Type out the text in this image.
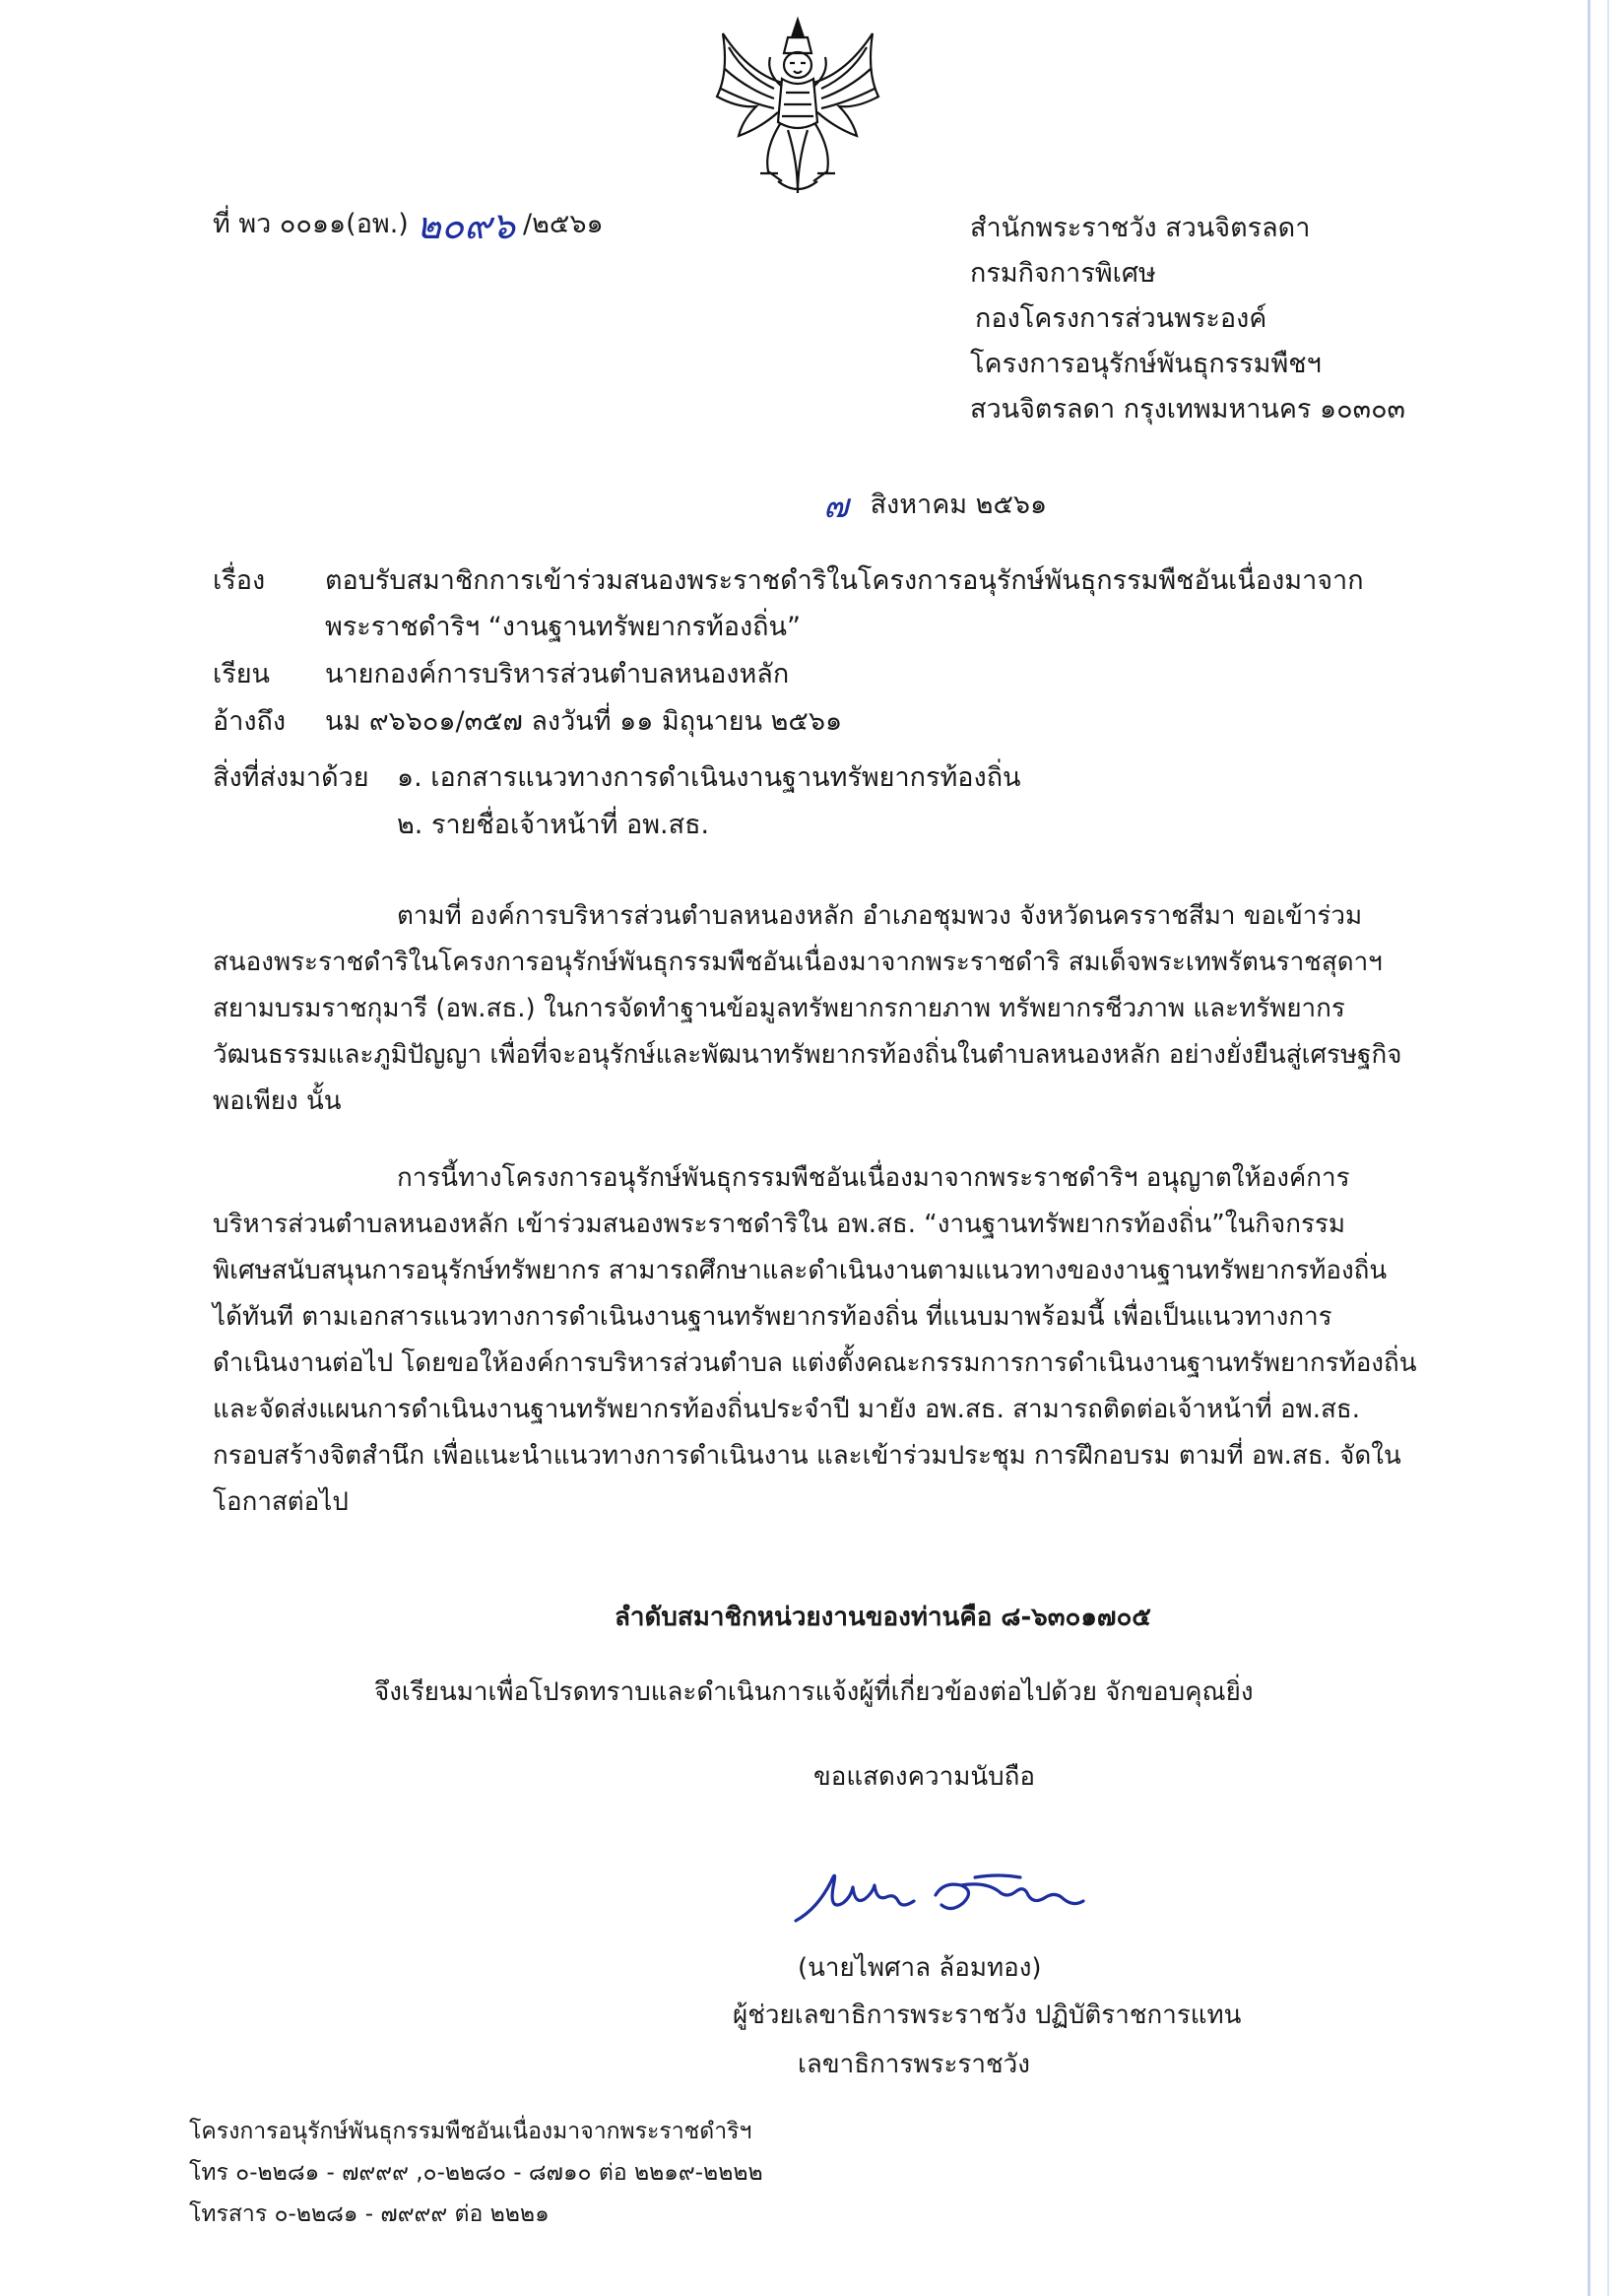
ที่ พว ๐๐๑๑(อพ.) ๒๐๙๖ /๒๕๖๑	สำนักพระราชวัง สวนจิตรลดา
กรมกิจการพิเศษ
กองโครงการส่วนพระองค์
โครงการอนุรักษ์พันธุกรรมพืชฯ
สวนจิตรลดา กรุงเทพมหานคร ๑๐๓๐๓
๗ สิงหาคม ๒๕๖๑
เรื่อง ตอบรับสมาชิกการเข้าร่วมสนองพระราชดำริในโครงการอนุรักษ์พันธุกรรมพืชอันเนื่องมาจาก
พระราชดำริฯ “งานฐานทรัพยากรท้องถิ่น”
เรียน นายกองค์การบริหารส่วนตำบลหนองหลัก
อ้างถึง นม ๙๖๖๐๑/๓๕๗ ลงวันที่ ๑๑ มิถุนายน ๒๕๖๑
สิ่งที่ส่งมาด้วย ๑. เอกสารแนวทางการดำเนินงานฐานทรัพยากรท้องถิ่น
๒. รายชื่อเจ้าหน้าที่ อพ.สธ.
ตามที่ องค์การบริหารส่วนตำบลหนองหลัก อำเภอชุมพวง จังหวัดนครราชสีมา ขอเข้าร่วม
สนองพระราชดำริในโครงการอนุรักษ์พันธุกรรมพืชอันเนื่องมาจากพระราชดำริ สมเด็จพระเทพรัตนราชสุดาฯ
สยามบรมราชกุมารี (อพ.สธ.) ในการจัดทำฐานข้อมูลทรัพยากรกายภาพ ทรัพยากรชีวภาพ และทรัพยากร
วัฒนธรรมและภูมิปัญญา เพื่อที่จะอนุรักษ์และพัฒนาทรัพยากรท้องถิ่นในตำบลหนองหลัก อย่างยั่งยืนสู่เศรษฐกิจ
พอเพียง นั้น
การนี้ทางโครงการอนุรักษ์พันธุกรรมพืชอันเนื่องมาจากพระราชดำริฯ อนุญาตให้องค์การ
บริหารส่วนตำบลหนองหลัก เข้าร่วมสนองพระราชดำริใน อพ.สธ. “งานฐานทรัพยากรท้องถิ่น”ในกิจกรรม
พิเศษสนับสนุนการอนุรักษ์ทรัพยากร สามารถศึกษาและดำเนินงานตามแนวทางของงานฐานทรัพยากรท้องถิ่น
ได้ทันที ตามเอกสารแนวทางการดำเนินงานฐานทรัพยากรท้องถิ่น ที่แนบมาพร้อมนี้ เพื่อเป็นแนวทางการ
ดำเนินงานต่อไป โดยขอให้องค์การบริหารส่วนตำบล แต่งตั้งคณะกรรมการการดำเนินงานฐานทรัพยากรท้องถิ่น
และจัดส่งแผนการดำเนินงานฐานทรัพยากรท้องถิ่นประจำปี มายัง อพ.สธ. สามารถติดต่อเจ้าหน้าที่ อพ.สธ.
กรอบสร้างจิตสำนึก เพื่อแนะนำแนวทางการดำเนินงาน และเข้าร่วมประชุม การฝึกอบรม ตามที่ อพ.สธ. จัดใน
โอกาสต่อไป
ลำดับสมาชิกหน่วยงานของท่านคือ ๘-๖๓๐๑๗๐๕
จึงเรียนมาเพื่อโปรดทราบและดำเนินการแจ้งผู้ที่เกี่ยวข้องต่อไปด้วย จักขอบคุณยิ่ง
ขอแสดงความนับถือ
(นายไพศาล ล้อมทอง)
ผู้ช่วยเลขาธิการพระราชวัง ปฏิบัติราชการแทน
เลขาธิการพระราชวัง
โครงการอนุรักษ์พันธุกรรมพืชอันเนื่องมาจากพระราชดำริฯ
โทร ๐-๒๒๘๑ - ๗๙๙๙ ,๐-๒๒๘๐ - ๘๗๑๐ ต่อ ๒๒๑๙-๒๒๒๒
โทรสาร ๐-๒๒๘๑ - ๗๙๙๙ ต่อ ๒๒๒๑
